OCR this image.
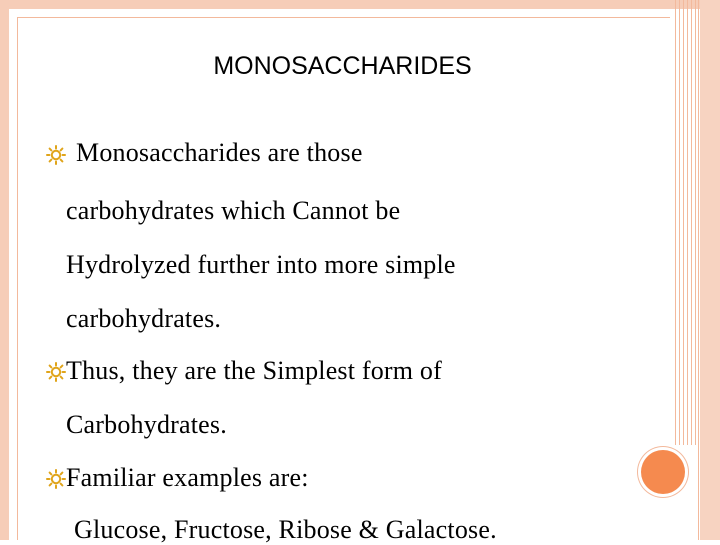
MONOSACCHARIDES
Monosaccharides are those
carbohydrates which Cannot be
Hydrolyzed further into more simple
carbohydrates.
Thus, they are the Simplest form of
Carbohydrates.
Familiar examples are:
Glucose, Fructose, Ribose & Galactose.
